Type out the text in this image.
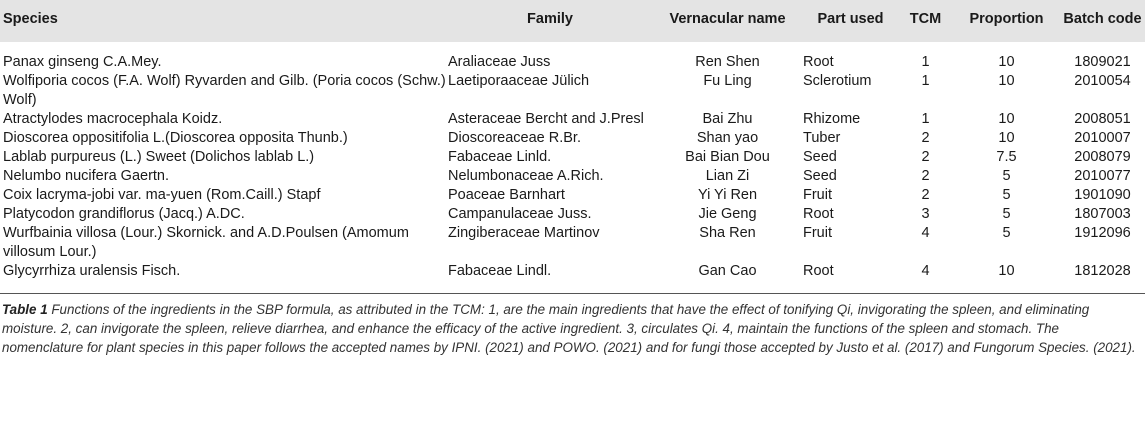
Species	Family	Vernacular name	Part used	TCM	Proportion	Batch code
Panax ginseng C.A.Mey.	Araliaceae Juss	Ren Shen	Root	1	10	1809021
Wolfiporia cocos (F.A. Wolf) Ryvarden and Gilb. (Poria cocos (Schw.) Wolf)	Laetiporaaceae Jülich	Fu Ling	Sclerotium	1	10	2010054
Atractylodes macrocephala Koidz.	Asteraceae Bercht and J.Presl	Bai Zhu	Rhizome	1	10	2008051
Dioscorea oppositifolia L.(Dioscorea opposita Thunb.)	Dioscoreaceae R.Br.	Shan yao	Tuber	2	10	2010007
Lablab purpureus (L.) Sweet (Dolichos lablab L.)	Fabaceae Linld.	Bai Bian Dou	Seed	2	7.5	2008079
Nelumbo nucifera Gaertn.	Nelumbonaceae A.Rich.	Lian Zi	Seed	2	5	2010077
Coix lacryma-jobi var. ma-yuen (Rom.Caill.) Stapf	Poaceae Barnhart	Yi Yi Ren	Fruit	2	5	1901090
Platycodon grandiflorus (Jacq.) A.DC.	Campanulaceae Juss.	Jie Geng	Root	3	5	1807003
Wurfbainia villosa (Lour.) Skornick. and A.D.Poulsen (Amomum villosum Lour.)	Zingiberaceae Martinov	Sha Ren	Fruit	4	5	1912096
Glycyrrhiza uralensis Fisch.	Fabaceae Lindl.	Gan Cao	Root	4	10	1812028
Table 1 Functions of the ingredients in the SBP formula, as attributed in the TCM: 1, are the main ingredients that have the effect of tonifying Qi, invigorating the spleen, and eliminating moisture. 2, can invigorate the spleen, relieve diarrhea, and enhance the efficacy of the active ingredient. 3, circulates Qi. 4, maintain the functions of the spleen and stomach. The nomenclature for plant species in this paper follows the accepted names by IPNI. (2021) and POWO. (2021) and for fungi those accepted by Justo et al. (2017) and Fungorum Species. (2021).
